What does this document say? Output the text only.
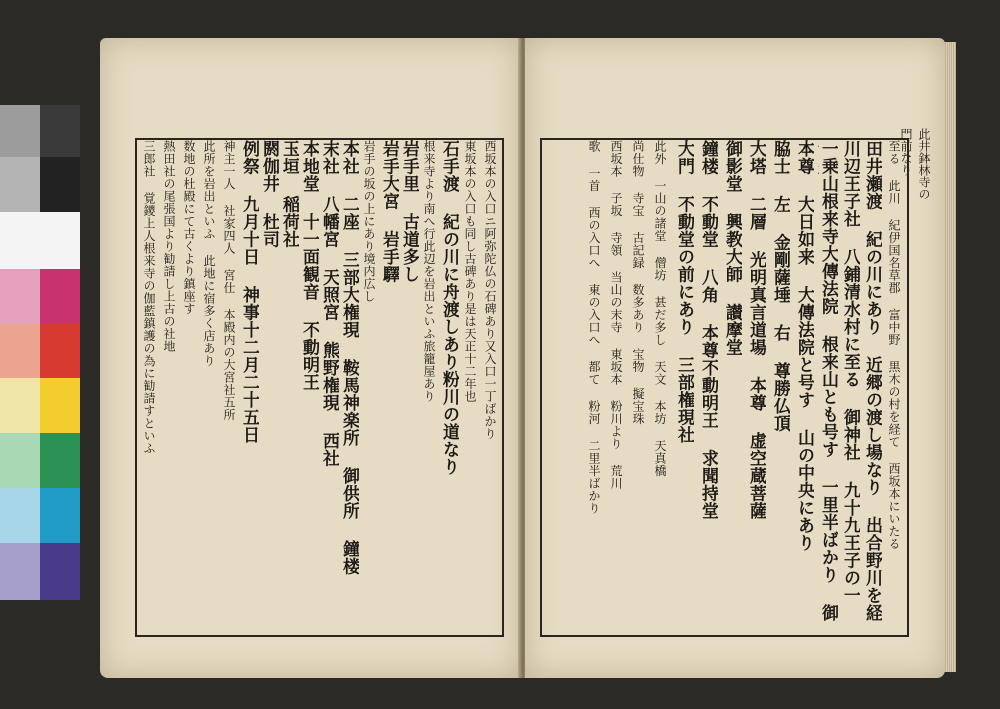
西坂本の入口ニ阿弥陀仏の石碑あり又入口一丁ばかり
東坂本の入口も同し古碑あり是は天正十二年也
石手渡 紀の川に舟渡しあり粉川の道なり
根来寺より南へ行此辺を岩出といふ旅籠屋あり
岩手里 古道多し
岩手大宮 岩手驛
岩手の坂の上にあり境内広し
本社 二座 三部大権現 鞍馬神楽所 御供所 鐘楼
末社 八幡宮 天照宮 熊野権現 西社
本地堂 十一面観音 不動明王
玉垣 稲荷社
閼伽井 杜司
例祭 九月十日 神事十二月二十五日
神主一人 社家四人 宮仕 本殿内の大宮社五所
此所を岩出といふ 此地に宿多く店あり
数地の杜殿にて古くより鎮座す
熱田社の尾張国より勧請し上古の社地
三郎社 覚鑁上人根来寺の伽藍鎮護の為に勧請すといふ	此井鉢林寺の門前なり
至る 此川 紀伊国名草郡 富中野 黒木の村を経て 西坂本にいたる
田井瀬渡 紀の川にあり 近郷の渡し場なり 出合野川を経
川辺王子社 八鋪清水村に至る 御神社 九十九王子の一
一乗山根来寺大傳法院 根来山とも号す 一里半ばかり 御
本尊 大日如来 大傳法院と号す 山の中央にあり
脇士 左 金剛薩埵 右 尊勝仏頂
大塔 二層 光明真言道場 本尊 虚空蔵菩薩
御影堂 興教大師 讃摩堂
鐘楼 不動堂 八角 本尊不動明王 求聞持堂
大門 不動堂の前にあり 三部権現社
此外 一山の諸堂 僧坊 甚だ多し 天文 本坊 天真橋
尚仕物 寺宝 古記録 数多あり 宝物 擬宝珠
西坂本 子坂 寺領 当山の末寺 東坂本 粉川より 荒川
歌 一首 西の入口へ 東の入口へ 都て 粉河 二里半ばかり
